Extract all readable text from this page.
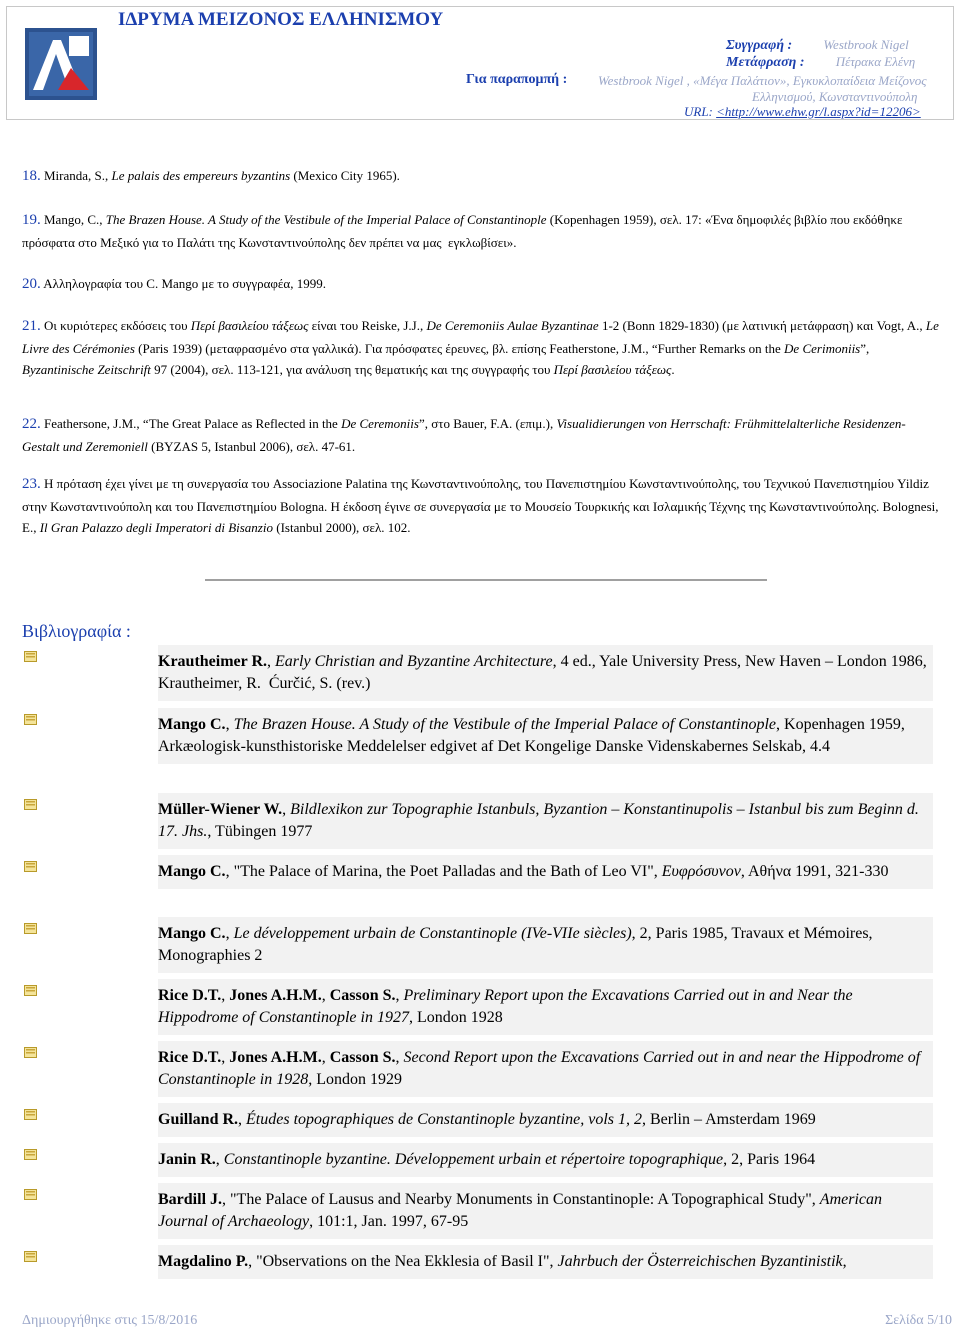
ΙΔΡΥΜΑ ΜΕΙΖΟΝΟΣ ΕΛΛΗΝΙΣΜΟΥ
Συγγραφή : Westbrook Nigel
Μετάφραση : Πέτρακα Ελένη
Για παραπομπή : Westbrook Nigel , «Μέγα Παλάτιον», Εγκυκλοπαίδεια Μείζονος
Ελληνισμού, Κωνσταντινούπολη
URL: <http://www.ehw.gr/l.aspx?id=12206>
18. Miranda, S., Le palais des empereurs byzantins (Mexico City 1965).
19. Mango, C., The Brazen House. A Study of the Vestibule of the Imperial Palace of Constantinople (Kopenhagen 1959), σελ. 17: «Ένα δημοφιλές βιβλίο που εκδόθηκε πρόσφατα στο Μεξικό για το Παλάτι της Κωνσταντινούπολης δεν πρέπει να μας  εγκλωβίσει».
20. Αλληλογραφία του C. Mango με το συγγραφέα, 1999.
21. Οι κυριότερες εκδόσεις του Περί βασιλείου τάξεως είναι του Reiske, J.J., De Ceremoniis Aulae Byzantinae 1-2 (Bonn 1829-1830) (με λατινική μετάφραση) και Vogt, A., Le Livre des Cérémonies (Paris 1939) (μεταφρασμένο στα γαλλικά). Για πρόσφατες έρευνες, βλ. επίσης Featherstone, J.M., “Further Remarks on the De Cerimoniis”, Byzantinische Zeitschrift 97 (2004), σελ. 113-121, για ανάλυση της θεματικής και της συγγραφής του Περί βασιλείου τάξεως.
22. Feathersone, J.M., “The Great Palace as Reflected in the De Ceremoniis”, στο Bauer, F.A. (επιμ.), Visualidierungen von Herrschaft: Frühmittelalterliche Residenzen- Gestalt und Zeremoniell (BYZAS 5, Istanbul 2006), σελ. 47-61.
23. Η πρόταση έχει γίνει με τη συνεργασία του Associazione Palatina της Κωνσταντινούπολης, του Πανεπιστημίου Κωνσταντινούπολης, του Τεχνικού Πανεπιστημίου Yildiz στην Κωνσταντινούπολη και του Πανεπιστημίου Bologna. Η έκδοση έγινε σε συνεργασία με το Μουσείο Τουρκικής και Ισλαμικής Τέχνης της Κωνσταντινούπολης. Bolognesi, E., Il Gran Palazzo degli Imperatori di Bisanzio (Istanbul 2000), σελ. 102.
Βιβλιογραφία :
Krautheimer R., Early Christian and Byzantine Architecture, 4 ed., Yale University Press, New Haven – London 1986, Krautheimer, R.  Ćurčić, S. (rev.)
Mango C., The Brazen House. A Study of the Vestibule of the Imperial Palace of Constantinople, Kopenhagen 1959, Arkæologisk-kunsthistoriske Meddelelser edgivet af Det Kongelige Danske Videnskabernes Selskab, 4.4
Müller-Wiener W., Bildlexikon zur Topographie Istanbuls, Byzantion – Konstantinupolis – Istanbul bis zum Beginn d. 17. Jhs., Tübingen 1977
Mango C., "The Palace of Marina, the Poet Palladas and the Bath of Leo VI", Ευφρόσυνον, Αθήνα 1991, 321-330
Mango C., Le développement urbain de Constantinople (IVe-VIIe siècles), 2, Paris 1985, Travaux et Mémoires, Monographies 2
Rice D.T., Jones A.H.M., Casson S., Preliminary Report upon the Excavations Carried out in and Near the Hippodrome of Constantinople in 1927, London 1928
Rice D.T., Jones A.H.M., Casson S., Second Report upon the Excavations Carried out in and near the Hippodrome of Constantinople in 1928, London 1929
Guilland R., Études topographiques de Constantinople byzantine, vols 1, 2, Berlin – Amsterdam 1969
Janin R., Constantinople byzantine. Développement urbain et répertoire topographique, 2, Paris 1964
Bardill J., "The Palace of Lausus and Nearby Monuments in Constantinople: A Topographical Study", American Journal of Archaeology, 101:1, Jan. 1997, 67-95
Magdalino P., "Observations on the Nea Ekklesia of Basil I", Jahrbuch der Österreichischen Byzantinistik,
Δημιουργήθηκε στις 15/8/2016	Σελίδα 5/10
